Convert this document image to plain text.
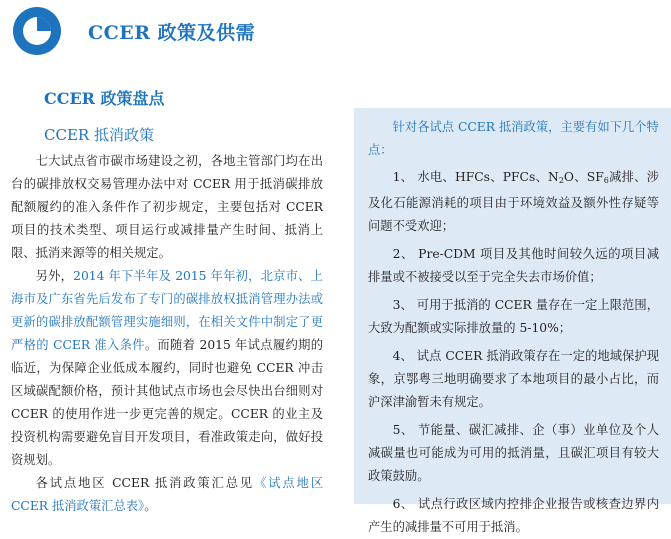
CCER 政策及供需
CCER 政策盘点
CCER 抵消政策

七大试点省市碳市场建设之初，各地主管部门均在出台的碳排放权交易管理办法中对 CCER 用于抵消碳排放配额履约的准入条件作了初步规定，主要包括对 CCER 项目的技术类型、项目运行或减排量产生时间、抵消上限、抵消来源等的相关规定。

另外，2014 年下半年及 2015 年年初，北京市、上海市及广东省先后发布了专门的碳排放权抵消管理办法或更新的碳排放配额管理实施细则，在相关文件中制定了更严格的 CCER 准入条件。而随着 2015 年试点履约期的临近，为保障企业低成本履约，同时也避免 CCER 冲击区域碳配额价格，预计其他试点市场也会尽快出台细则对 CCER 的使用作进一步更完善的规定。CCER 的业主及投资机构需要避免盲目开发项目，看准政策走向，做好投资规划。

各试点地区 CCER 抵消政策汇总见《试点地区 CCER 抵消政策汇总表》。

针对各试点 CCER 抵消政策，主要有如下几个特点：

1、 水电、HFCs、PFCs、$N_2O$、$SF_6$减排、涉及化石能源消耗的项目由于环境效益及额外性存疑等问题不受欢迎；

2、 Pre-CDM 项目及其他时间较久远的项目减排量或不被接受以至于完全失去市场价值；

3、 可用于抵消的 CCER 量存在一定上限范围，大致为配额或实际排放量的 5-10%；

4、 试点 CCER 抵消政策存在一定的地域保护现象，京鄂粤三地明确要求了本地项目的最小占比，而沪深津渝暂未有规定。

5、 节能量、碳汇减排、企（事）业单位及个人减碳量也可能成为可用的抵消量，且碳汇项目有较大政策鼓励。

6、 试点行政区域内控排企业报告或核查边界内产生的减排量不可用于抵消。
